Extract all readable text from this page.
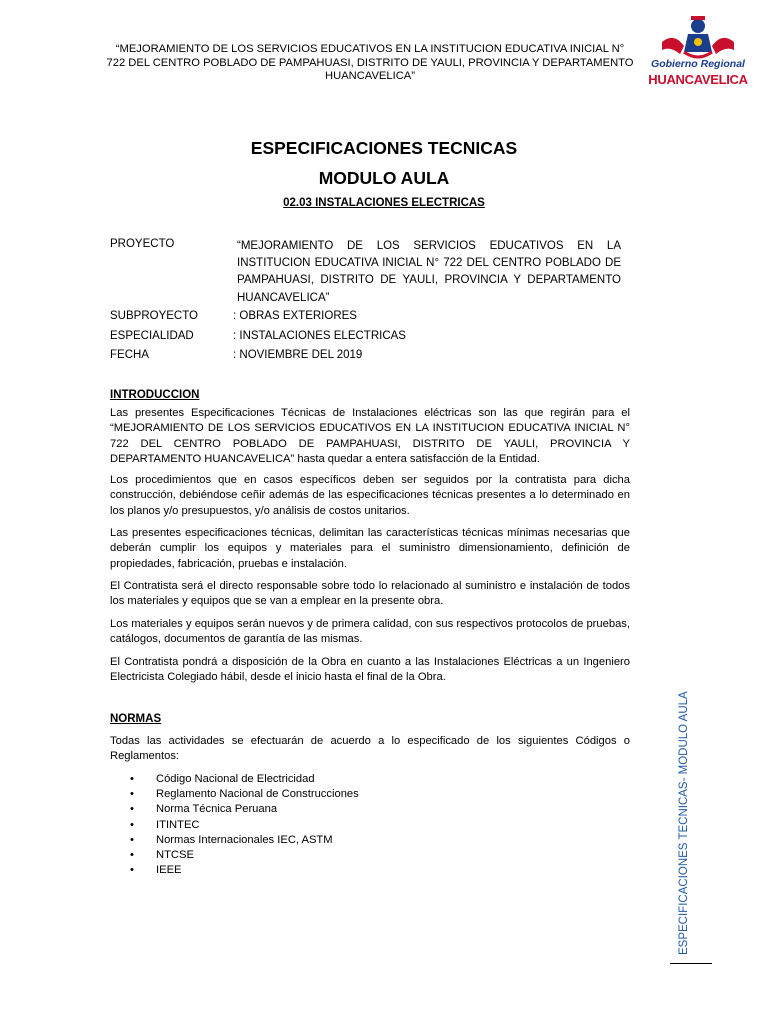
“MEJORAMIENTO DE LOS SERVICIOS EDUCATIVOS EN LA INSTITUCION EDUCATIVA INICIAL N° 722 DEL CENTRO POBLADO DE PAMPAHUASI, DISTRITO DE YAULI, PROVINCIA Y DEPARTAMENTO HUANCAVELICA”
Gobierno Regional
HUANCAVELICA
ESPECIFICACIONES TECNICAS
MODULO AULA
02.03 INSTALACIONES ELECTRICAS
PROYECTO	“MEJORAMIENTO DE LOS SERVICIOS EDUCATIVOS EN LA INSTITUCION EDUCATIVA INICIAL N° 722 DEL CENTRO POBLADO DE PAMPAHUASI, DISTRITO DE YAULI, PROVINCIA Y DEPARTAMENTO HUANCAVELICA”
SUBPROYECTO	: OBRAS EXTERIORES
ESPECIALIDAD	: INSTALACIONES ELECTRICAS
FECHA	: NOVIEMBRE DEL 2019
INTRODUCCION
Las presentes Especificaciones Técnicas de Instalaciones eléctricas son las que regirán para el “MEJORAMIENTO DE LOS SERVICIOS EDUCATIVOS EN LA INSTITUCION EDUCATIVA INICIAL N° 722 DEL CENTRO POBLADO DE PAMPAHUASI, DISTRITO DE YAULI, PROVINCIA Y DEPARTAMENTO HUANCAVELICA” hasta quedar a entera satisfacción de la Entidad.
Los procedimientos que en casos específicos deben ser seguidos por la contratista para dicha construcción, debiéndose ceñir además de las especificaciones técnicas presentes a lo determinado en los planos y/o presupuestos, y/o análisis de costos unitarios.
Las presentes especificaciones técnicas, delimitan las características técnicas mínimas necesarias que deberán cumplir los equipos y materiales para el suministro dimensionamiento, definición de propiedades, fabricación, pruebas e instalación.
El Contratista será el directo responsable sobre todo lo relacionado al suministro e instalación de todos los materiales y equipos que se van a emplear en la presente obra.
Los materiales y equipos serán nuevos y de primera calidad, con sus respectivos protocolos de pruebas, catálogos, documentos de garantía de las mismas.
El Contratista pondrá a disposición de la Obra en cuanto a las Instalaciones Eléctricas a un Ingeniero Electricista Colegiado hábil, desde el inicio hasta el final de la Obra.
NORMAS
Todas las actividades se efectuarán de acuerdo a lo especificado de los siguientes Códigos o Reglamentos:
• Código Nacional de Electricidad
• Reglamento Nacional de Construcciones
• Norma Técnica Peruana
• ITINTEC
• Normas Internacionales IEC, ASTM
• NTCSE
• IEEE	ESPECIFICACIONES TECNICAS- MODULO AULA
